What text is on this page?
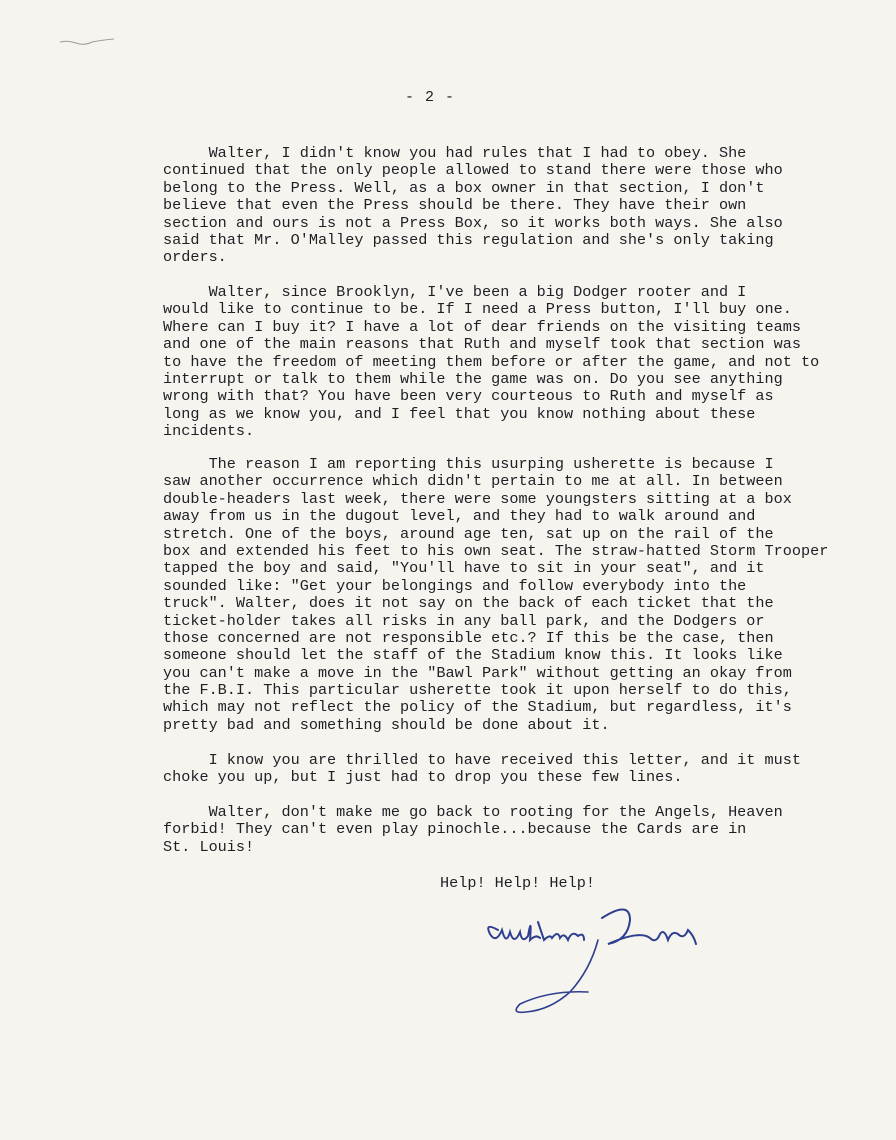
- 2 -
Walter, I didn't know you had rules that I had to obey. She
continued that the only people allowed to stand there were those who
belong to the Press. Well, as a box owner in that section, I don't
believe that even the Press should be there. They have their own
section and ours is not a Press Box, so it works both ways. She also
said that Mr. O'Malley passed this regulation and she's only taking
orders.
Walter, since Brooklyn, I've been a big Dodger rooter and I
would like to continue to be. If I need a Press button, I'll buy one.
Where can I buy it? I have a lot of dear friends on the visiting teams
and one of the main reasons that Ruth and myself took that section was
to have the freedom of meeting them before or after the game, and not to
interrupt or talk to them while the game was on. Do you see anything
wrong with that? You have been very courteous to Ruth and myself as
long as we know you, and I feel that you know nothing about these
incidents.
The reason I am reporting this usurping usherette is because I
saw another occurrence which didn't pertain to me at all. In between
double-headers last week, there were some youngsters sitting at a box
away from us in the dugout level, and they had to walk around and
stretch. One of the boys, around age ten, sat up on the rail of the
box and extended his feet to his own seat. The straw-hatted Storm Trooper
tapped the boy and said, "You'll have to sit in your seat", and it
sounded like: "Get your belongings and follow everybody into the
truck". Walter, does it not say on the back of each ticket that the
ticket-holder takes all risks in any ball park, and the Dodgers or
those concerned are not responsible etc.? If this be the case, then
someone should let the staff of the Stadium know this. It looks like
you can't make a move in the "Bawl Park" without getting an okay from
the F.B.I. This particular usherette took it upon herself to do this,
which may not reflect the policy of the Stadium, but regardless, it's
pretty bad and something should be done about it.
I know you are thrilled to have received this letter, and it must
choke you up, but I just had to drop you these few lines.
Walter, don't make me go back to rooting for the Angels, Heaven
forbid! They can't even play pinochle...because the Cards are in
St. Louis!
Help! Help! Help!
